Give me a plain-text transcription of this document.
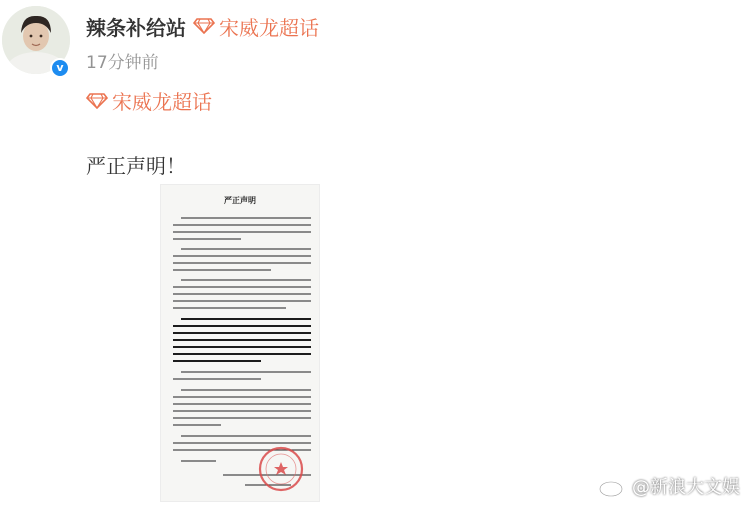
v
辣条补给站 宋威龙超话
17分钟前
宋威龙超话
严正声明！
严正声明
@新浪大文娱
